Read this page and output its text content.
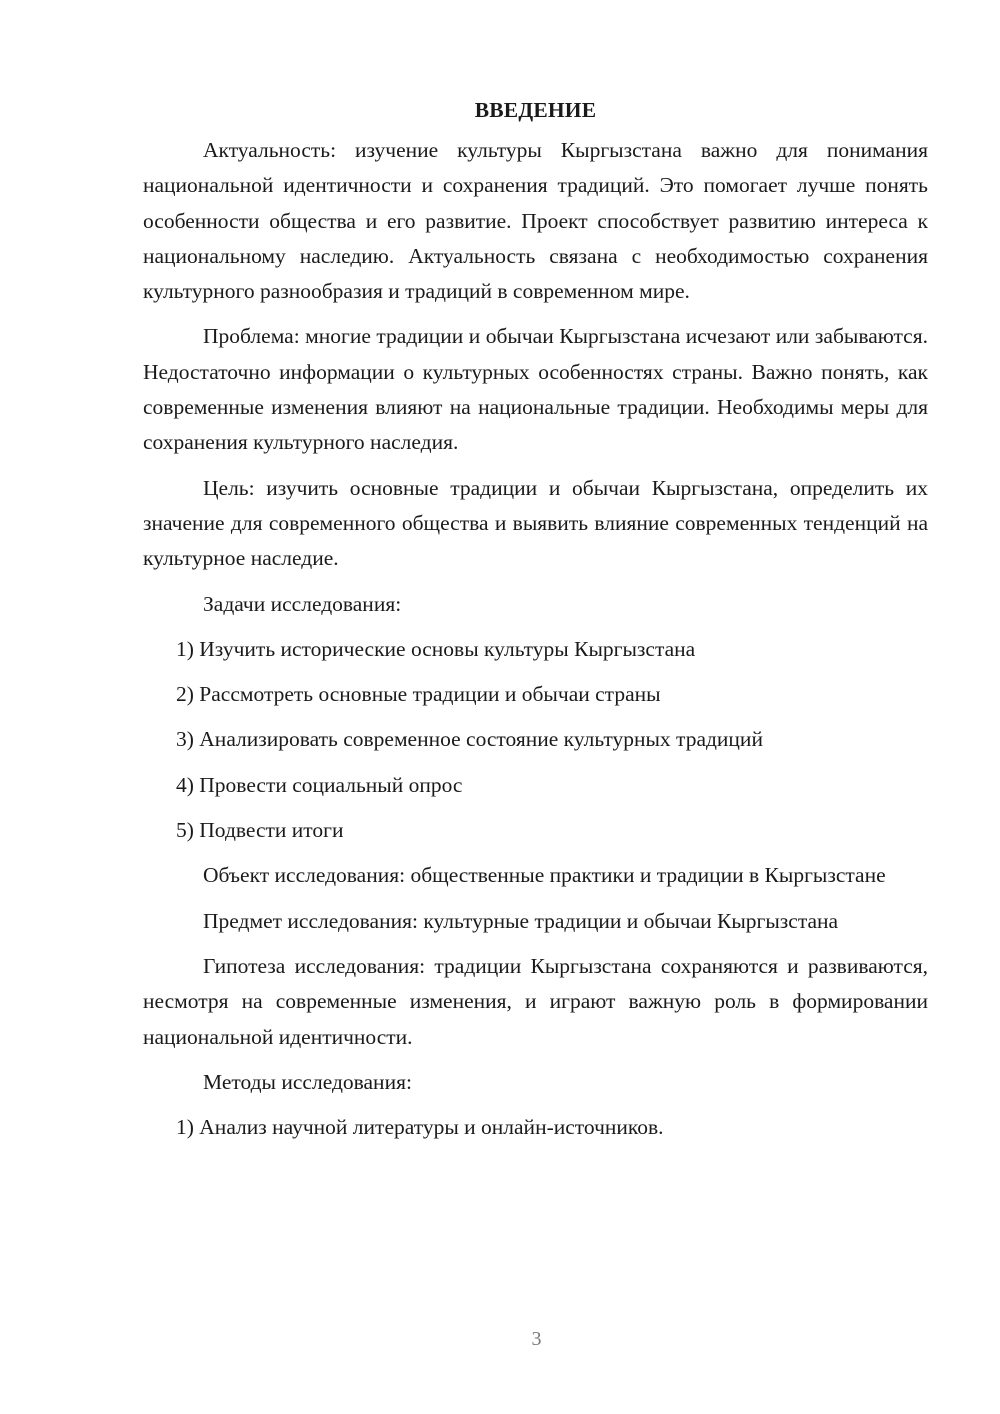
ВВЕДЕНИЕ

Актуальность: изучение культуры Кыргызстана важно для понимания национальной идентичности и сохранения традиций. Это помогает лучше понять особенности общества и его развитие. Проект способствует развитию интереса к национальному наследию. Актуальность связана с необходимостью сохранения культурного разнообразия и традиций в современном мире.

Проблема: многие традиции и обычаи Кыргызстана исчезают или забываются. Недостаточно информации о культурных особенностях страны. Важно понять, как современные изменения влияют на национальные традиции. Необходимы меры для сохранения культурного наследия.

Цель: изучить основные традиции и обычаи Кыргызстана, определить их значение для современного общества и выявить влияние современных тенденций на культурное наследие.

Задачи исследования:

1) Изучить исторические основы культуры Кыргызстана

2) Рассмотреть основные традиции и обычаи страны

3) Анализировать современное состояние культурных традиций

4) Провести социальный опрос

5) Подвести итоги

Объект исследования: общественные практики и традиции в Кыргызстане

Предмет исследования: культурные традиции и обычаи Кыргызстана

Гипотеза исследования: традиции Кыргызстана сохраняются и развиваются, несмотря на современные изменения, и играют важную роль в формировании национальной идентичности.

Методы исследования:

1) Анализ научной литературы и онлайн-источников.

3
